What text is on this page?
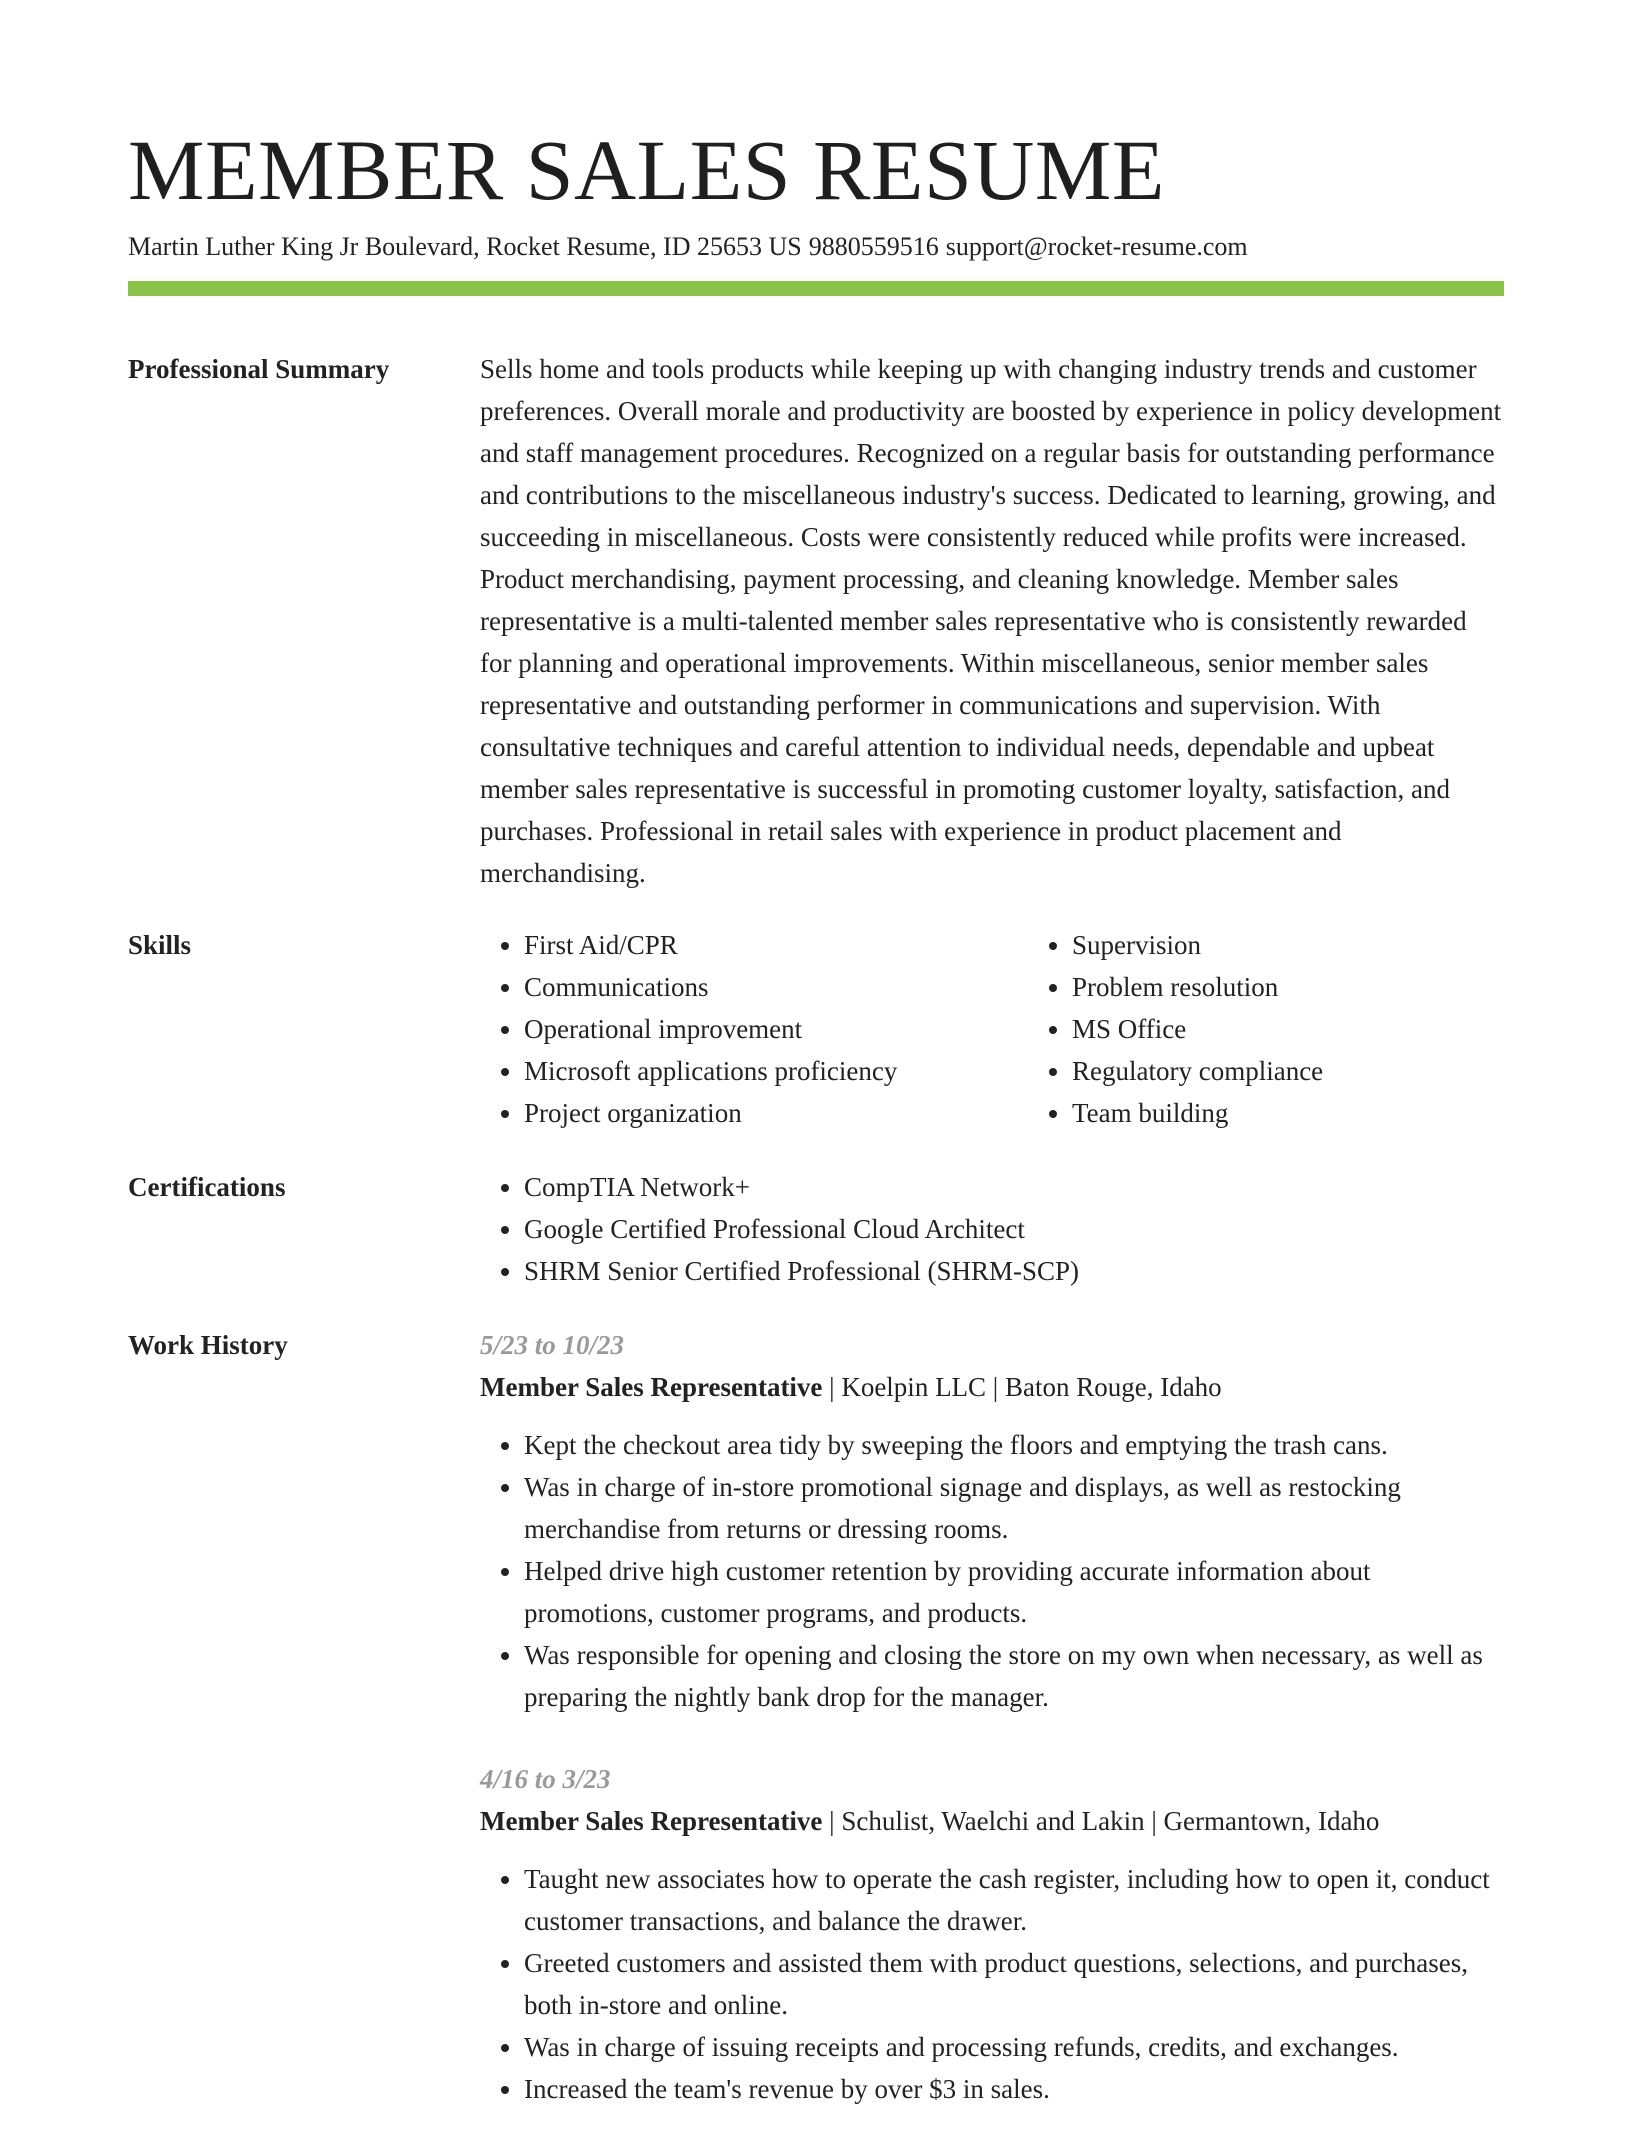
MEMBER SALES RESUME
Martin Luther King Jr Boulevard, Rocket Resume, ID 25653 US 9880559516 support@rocket-resume.com
Professional Summary	Sells home and tools products while keeping up with changing industry trends and customer preferences. Overall morale and productivity are boosted by experience in policy development and staff management procedures. Recognized on a regular basis for outstanding performance and contributions to the miscellaneous industry's success. Dedicated to learning, growing, and succeeding in miscellaneous. Costs were consistently reduced while profits were increased. Product merchandising, payment processing, and cleaning knowledge. Member sales representative is a multi-talented member sales representative who is consistently rewarded for planning and operational improvements. Within miscellaneous, senior member sales representative and outstanding performer in communications and supervision. With consultative techniques and careful attention to individual needs, dependable and upbeat member sales representative is successful in promoting customer loyalty, satisfaction, and purchases. Professional in retail sales with experience in product placement and merchandising.

Skills	• First Aid/CPR
• Communications
• Operational improvement
• Microsoft applications proficiency
• Project organization
• Supervision
• Problem resolution
• MS Office
• Regulatory compliance
• Team building
Certifications	• CompTIA Network+
• Google Certified Professional Cloud Architect
• SHRM Senior Certified Professional (SHRM-SCP)
Work History	5/23 to 10/23
Member Sales Representative | Koelpin LLC | Baton Rouge, Idaho
• Kept the checkout area tidy by sweeping the floors and emptying the trash cans.
• Was in charge of in-store promotional signage and displays, as well as restocking merchandise from returns or dressing rooms.
• Helped drive high customer retention by providing accurate information about promotions, customer programs, and products.
• Was responsible for opening and closing the store on my own when necessary, as well as preparing the nightly bank drop for the manager.
4/16 to 3/23
Member Sales Representative | Schulist, Waelchi and Lakin | Germantown, Idaho
• Taught new associates how to operate the cash register, including how to open it, conduct customer transactions, and balance the drawer.
• Greeted customers and assisted them with product questions, selections, and purchases, both in-store and online.
• Was in charge of issuing receipts and processing refunds, credits, and exchanges.
• Increased the team's revenue by over $3 in sales.
